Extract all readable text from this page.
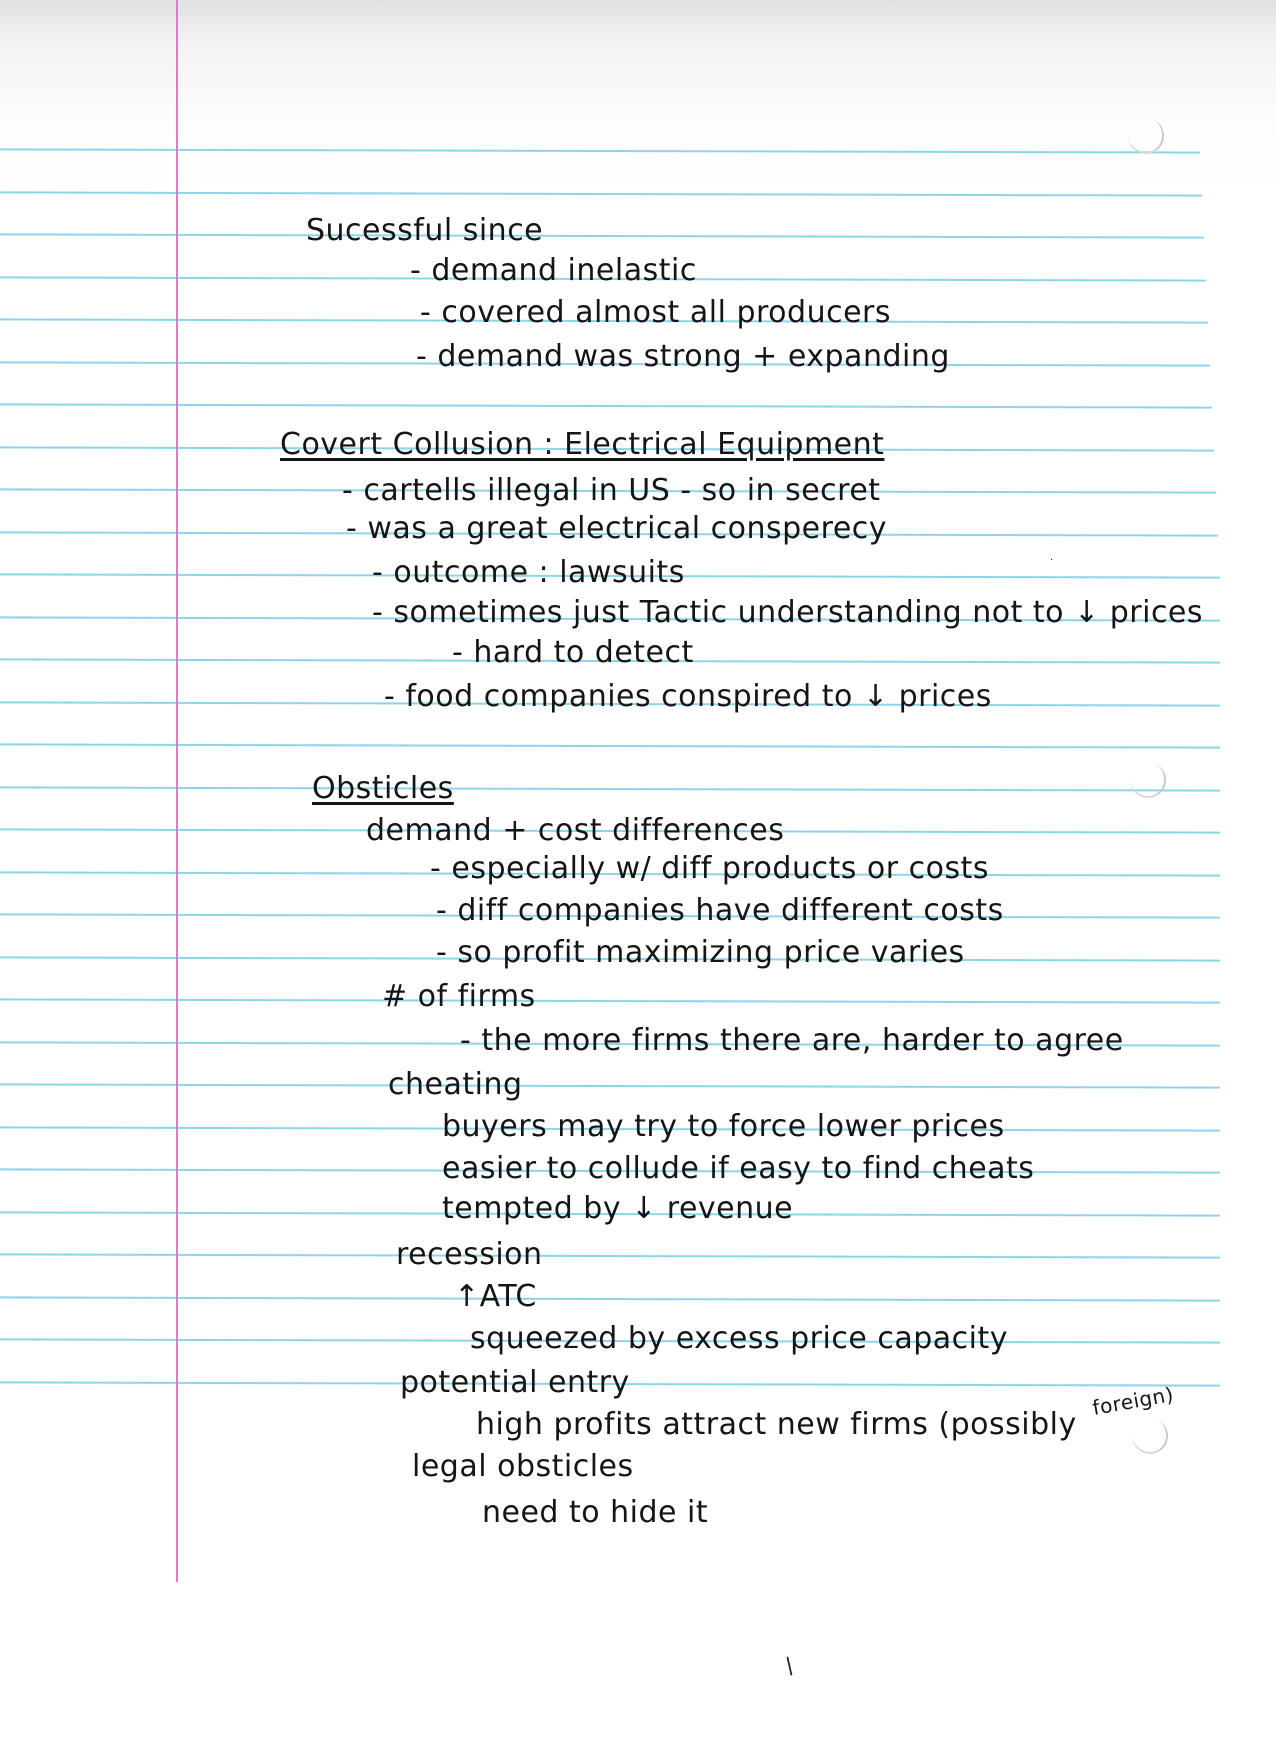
Sucessful since
- demand inelastic
- covered almost all producers
- demand was strong + expanding
Covert Collusion : Electrical Equipment
- cartells illegal in US - so in secret
- was a great electrical consperecy
- outcome : lawsuits
- sometimes just Tactic understanding not to ↓ prices
- hard to detect
- food companies conspired to ↓ prices
Obsticles
demand + cost differences
- especially w/ diff products or costs
- diff companies have different costs
- so profit maximizing price varies
# of firms
- the more firms there are, harder to agree
cheating
buyers may try to force lower prices
easier to collude if easy to find cheats
tempted by ↓ revenue
recession
↑ATC
squeezed by excess price capacity
potential entry
high profits attract new firms (possibly
foreign)
legal obsticles
need to hide it
/
.
